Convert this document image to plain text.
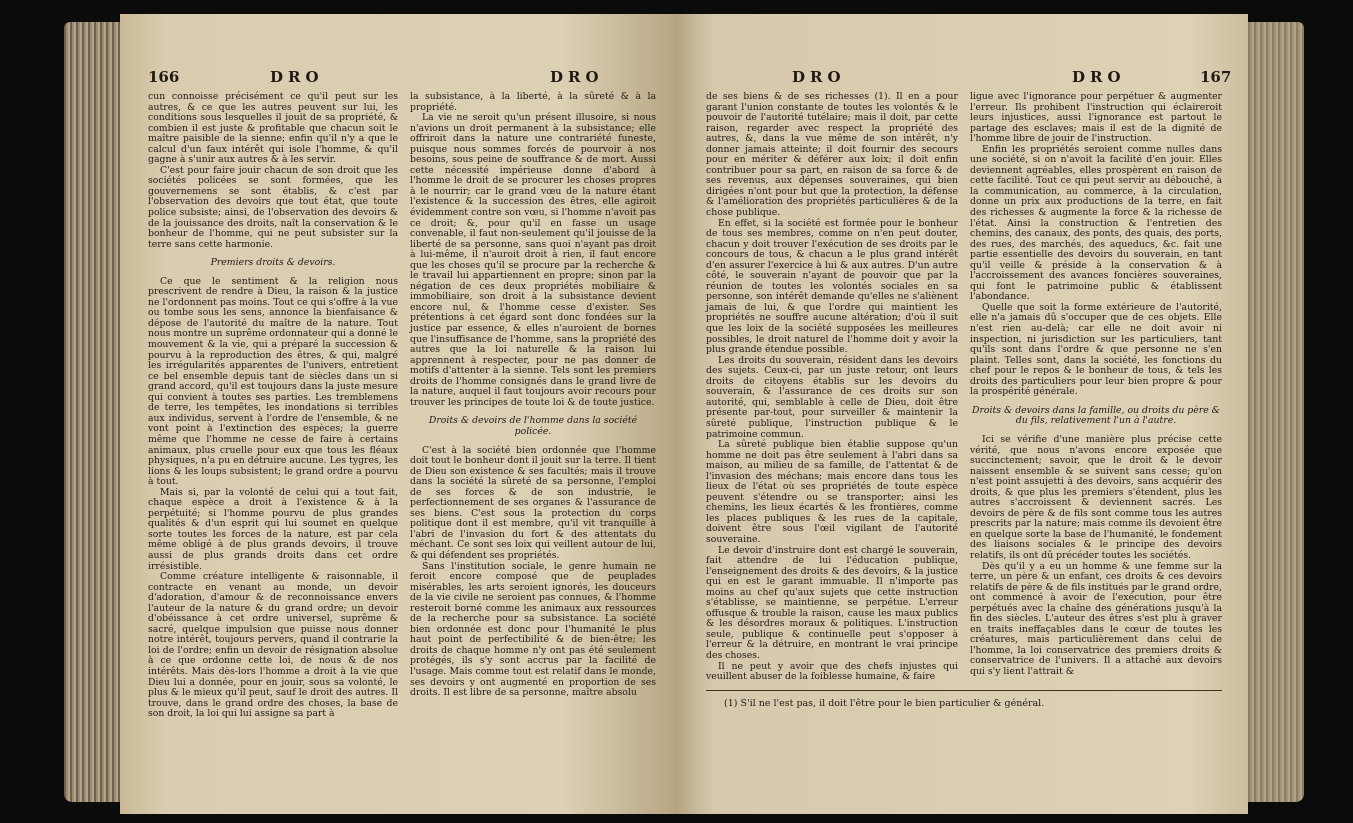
166	DRO	DRO

cun connoisse précisément ce qu'il peut sur les autres, & ce que les autres peuvent sur lui, les conditions sous lesquelles il jouit de sa propriété, & combien il est juste & profitable que chacun soit le maître paisible de la sienne; enfin qu'il n'y a que le calcul d'un faux intérêt qui isole l'homme, & qu'il gagne à s'unir aux autres & à les servir.

C'est pour faire jouir chacun de son droit que les sociétés policées se sont formées, que les gouvernemens se sont établis, & c'est par l'observation des devoirs que tout état, que toute police subsiste; ainsi, de l'observation des devoirs & de la jouissance des droits, naît la conservation & le bonheur de l'homme, qui ne peut subsister sur la terre sans cette harmonie.

Premiers droits & devoirs.

Ce que le sentiment & la religion nous prescrivent de rendre à Dieu, la raison & la justice ne l'ordonnent pas moins. Tout ce qui s'offre à la vue ou tombe sous les sens, annonce la bienfaisance & dépose de l'autorité du maître de la nature. Tout nous montre un suprême ordonnateur qui a donné le mouvement & la vie, qui a préparé la succession & pourvu à la reproduction des êtres, & qui, malgré les irrégularités apparentes de l'univers, entretient ce bel ensemble depuis tant de siècles dans un si grand accord, qu'il est toujours dans la juste mesure qui convient à toutes ses parties. Les tremblemens de terre, les tempêtes, les inondations si terribles aux individus, servent à l'ordre de l'ensemble, & ne vont point à l'extinction des espèces; la guerre même que l'homme ne cesse de faire à certains animaux, plus cruelle pour eux que tous les fléaux physiques, n'a pu en détruire aucune. Les tygres, les lions & les loups subsistent; le grand ordre a pourvu à tout.

Mais si, par la volonté de celui qui a tout fait, chaque espèce a droit à l'existence & à la perpétuité; si l'homme pourvu de plus grandes qualités & d'un esprit qui lui soumet en quelque sorte toutes les forces de la nature, est par cela même obligé à de plus grands devoirs, il trouve aussi de plus grands droits dans cet ordre irrésistible.

Comme créature intelligente & raisonnable, il contracte en venant au monde, un devoir d'adoration, d'amour & de reconnoissance envers l'auteur de la nature & du grand ordre; un devoir d'obéissance à cet ordre universel, suprême & sacré, quelque impulsion que puisse nous donner notre intérêt, toujours pervers, quand il contrarie la loi de l'ordre; enfin un devoir de résignation absolue à ce que ordonne cette loi, de nous & de nos intérêts. Mais dès-lors l'homme a droit à la vie que Dieu lui a donnée, pour en jouir, sous sa volonté, le plus & le mieux qu'il peut, sauf le droit des autres. Il trouve, dans le grand ordre des choses, la base de son droit, la loi qui lui assigne sa part à

la subsistance, à la liberté, à la sûreté & à la propriété.

La vie ne seroit qu'un présent illusoire, si nous n'avions un droit permanent à la subsistance; elle offriroit dans la nature une contrariété funeste, puisque nous sommes forcés de pourvoir à nos besoins, sous peine de souffrance & de mort. Aussi cette nécessité impérieuse donne d'abord à l'homme le droit de se procurer les choses propres à le nourrir; car le grand vœu de la nature étant l'existence & la succession des êtres, elle agiroit évidemment contre son vœu, si l'homme n'avoit pas ce droit; &, pour qu'il en fasse un usage convenable, il faut non-seulement qu'il jouisse de la liberté de sa personne, sans quoi n'ayant pas droit à lui-même, il n'auroit droit à rien, il faut encore que les choses qu'il se procure par la recherche & le travail lui appartiennent en propre; sinon par la négation de ces deux propriétés mobiliaire & immobiliaire, son droit à la subsistance devient encore nul, & l'homme cesse d'exister. Ses prétentions à cet égard sont donc fondées sur la justice par essence, & elles n'auroient de bornes que l'insuffisance de l'homme, sans la propriété des autres que la loi naturelle & la raison lui apprennent à respecter, pour ne pas donner de motifs d'attenter à la sienne. Tels sont les premiers droits de l'homme consignés dans le grand livre de la nature, auquel il faut toujours avoir recours pour trouver les principes de toute loi & de toute justice.

Droits & devoirs de l'homme dans la société policée.

C'est à la société bien ordonnée que l'homme doit tout le bonheur dont il jouit sur la terre. Il tient de Dieu son existence & ses facultés; mais il trouve dans la société la sûreté de sa personne, l'emploi de ses forces & de son industrie, le perfectionnement de ses organes & l'assurance de ses biens. C'est sous la protection du corps politique dont il est membre, qu'il vit tranquille à l'abri de l'invasion du fort & des attentats du méchant. Ce sont ses loix qui veillent autour de lui, & qui défendent ses propriétés.

Sans l'institution sociale, le genre humain ne feroit encore composé que de peuplades misérables, les arts seroient ignorés, les douceurs de la vie civile ne seroient pas connues, & l'homme resteroit borné comme les animaux aux ressources de la recherche pour sa subsistance. La société bien ordonnée est donc pour l'humanité le plus haut point de perfectibilité & de bien-être; les droits de chaque homme n'y ont pas été seulement protégés, ils s'y sont accrus par la facilité de l'usage. Mais comme tout est relatif dans le monde, ses devoirs y ont augmenté en proportion de ses droits. Il est libre de sa personne, maître absolu

DRO	DRO	167

de ses biens & de ses richesses (1). Il en a pour garant l'union constante de toutes les volontés & le pouvoir de l'autorité tutélaire; mais il doit, par cette raison, regarder avec respect la propriété des autres, &, dans la vue même de son intérêt, n'y donner jamais atteinte; il doit fournir des secours pour en mériter & déférer aux loix; il doit enfin contribuer pour sa part, en raison de sa force & de ses revenus, aux dépenses souveraines, qui bien dirigées n'ont pour but que la protection, la défense & l'amélioration des propriétés particulières & de la chose publique.

En effet, si la société est formée pour le bonheur de tous ses membres, comme on n'en peut douter, chacun y doit trouver l'exécution de ses droits par le concours de tous, & chacun a le plus grand intérêt d'en assurer l'exercice à lui & aux autres. D'un autre côté, le souverain n'ayant de pouvoir que par la réunion de toutes les volontés sociales en sa personne, son intérêt demande qu'elles ne s'aliènent jamais de lui, & que l'ordre qui maintient les propriétés ne souffre aucune altération; d'où il suit que les loix de la société supposées les meilleures possibles, le droit naturel de l'homme doit y avoir la plus grande étendue possible.

Les droits du souverain, résident dans les devoirs des sujets. Ceux-ci, par un juste retour, ont leurs droits de citoyens établis sur les devoirs du souverain, & l'assurance de ces droits sur son autorité, qui, semblable à celle de Dieu, doit être présente par-tout, pour surveiller & maintenir la sûreté publique, l'instruction publique & le patrimoine commun.

La sûreté publique bien établie suppose qu'un homme ne doit pas être seulement à l'abri dans sa maison, au milieu de sa famille, de l'attentat & de l'invasion des méchans; mais encore dans tous les lieux de l'état où ses propriétés de toute espèce peuvent s'étendre ou se transporter; ainsi les chemins, les lieux écartés & les frontières, comme les places publiques & les rues de la capitale, doivent être sous l'œil vigilant de l'autorité souveraine.

Le devoir d'instruire dont est chargé le souverain, fait attendre de lui l'éducation publique, l'enseignement des droits & des devoirs, & la justice qui en est le garant immuable. Il n'importe pas moins au chef qu'aux sujets que cette instruction s'établisse, se maintienne, se perpétue. L'erreur offusque & trouble la raison, cause les maux publics & les désordres moraux & politiques. L'instruction seule, publique & continuelle peut s'opposer à l'erreur & la détruire, en montrant le vrai principe des choses.

Il ne peut y avoir que des chefs injustes qui veuillent abuser de la foiblesse humaine, & faire

ligue avec l'ignorance pour perpétuer & augmenter l'erreur. Ils prohibent l'instruction qui éclaireroit leurs injustices, aussi l'ignorance est partout le partage des esclaves; mais il est de la dignité de l'homme libre de jouir de l'instruction.

Enfin les propriétés seroient comme nulles dans une société, si on n'avoit la facilité d'en jouir. Elles deviennent agréables, elles prospèrent en raison de cette facilité. Tout ce qui peut servir au débouché, à la communication, au commerce, à la circulation, donne un prix aux productions de la terre, en fait des richesses & augmente la force & la richesse de l'état. Ainsi la construction & l'entretien des chemins, des canaux, des ponts, des quais, des ports, des rues, des marchés, des aqueducs, &c. fait une partie essentielle des devoirs du souverain, en tant qu'il veille & préside à la conservation & à l'accroissement des avances foncières souveraines, qui font le patrimoine public & établissent l'abondance.

Quelle que soit la forme extérieure de l'autorité, elle n'a jamais dû s'occuper que de ces objets. Elle n'est rien au-delà; car elle ne doit avoir ni inspection, ni jurisdiction sur les particuliers, tant qu'ils sont dans l'ordre & que personne ne s'en plaint. Telles sont, dans la société, les fonctions du chef pour le repos & le bonheur de tous, & tels les droits des particuliers pour leur bien propre & pour la prospérité générale.

Droits & devoirs dans la famille, ou droits du père & du fils, relativement l'un à l'autre.

Ici se vérifie d'une manière plus précise cette vérité, que nous n'avons encore exposée que succinctement; savoir, que le droit & le devoir naissent ensemble & se suivent sans cesse; qu'on n'est point assujetti à des devoirs, sans acquérir des droits, & que plus les premiers s'étendent, plus les autres s'accroissent & deviennent sacrés. Les devoirs de père & de fils sont comme tous les autres prescrits par la nature; mais comme ils devoient être en quelque sorte la base de l'humanité, le fondement des liaisons sociales & le principe des devoirs relatifs, ils ont dû précéder toutes les sociétés.

Dès qu'il y a eu un homme & une femme sur la terre, un père & un enfant, ces droits & ces devoirs relatifs de père & de fils institués par le grand ordre, ont commencé à avoir de l'exécution, pour être perpétués avec la chaîne des générations jusqu'à la fin des siècles. L'auteur des êtres s'est plu à graver en traits ineffaçables dans le cœur de toutes les créatures, mais particulièrement dans celui de l'homme, la loi conservatrice des premiers droits & conservatrice de l'univers. Il a attaché aux devoirs qui s'y lient l'attrait &

(1) S'il ne l'est pas, il doit l'être pour le bien particulier & général.
